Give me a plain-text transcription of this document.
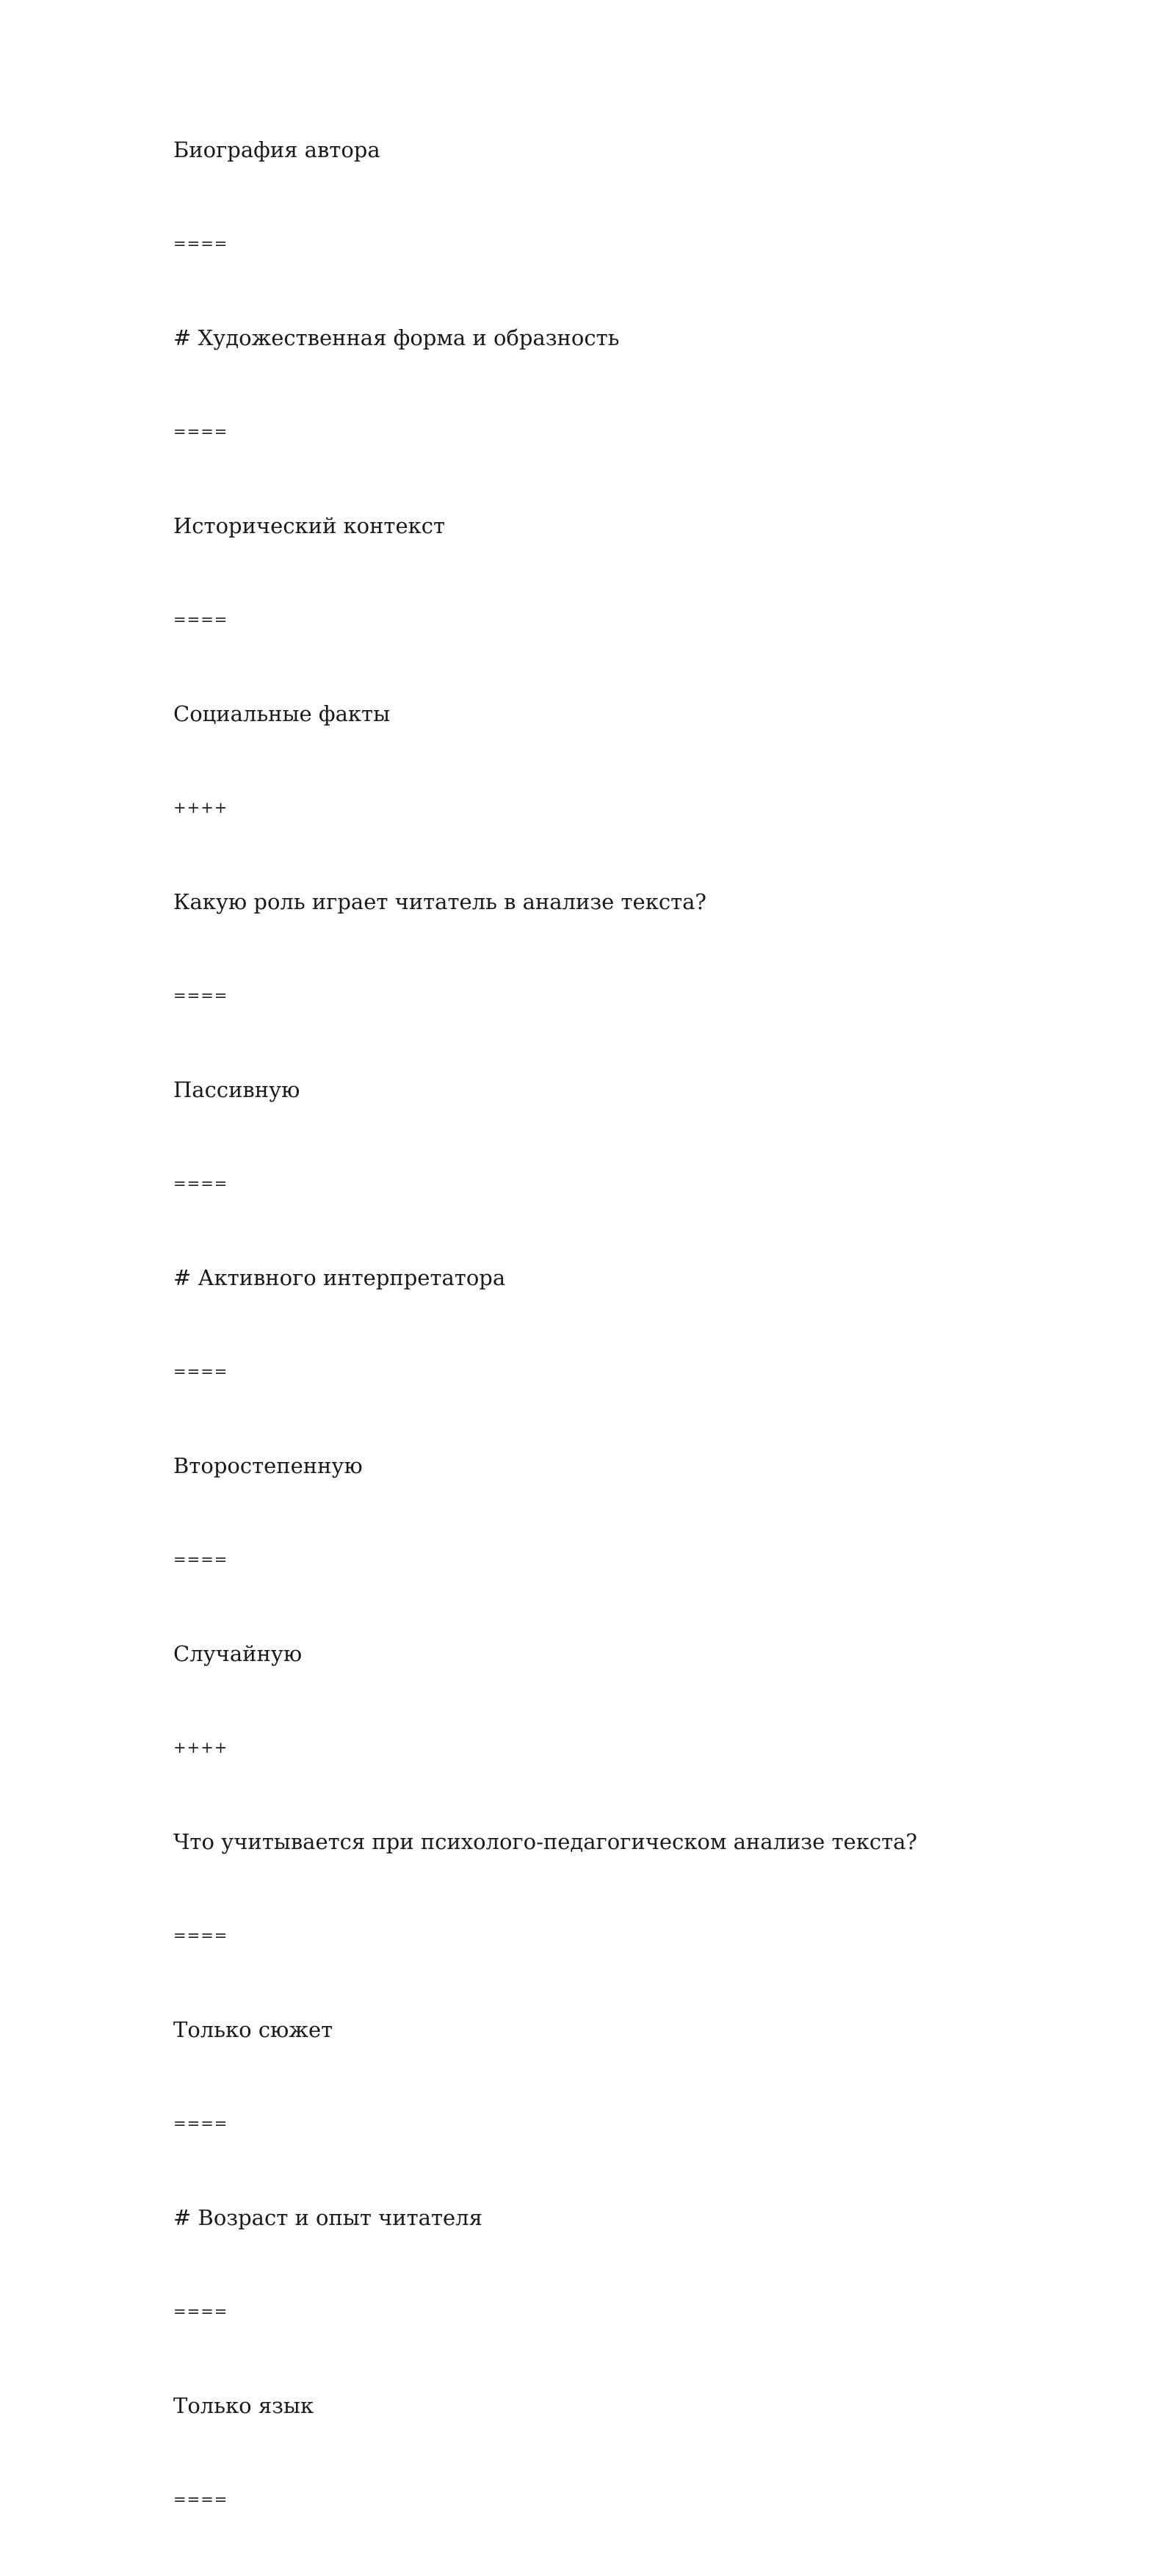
Биография автора
====
# Художественная форма и образность
====
Исторический контекст
====
Социальные факты
++++
Какую роль играет читатель в анализе текста?
====
Пассивную
====
# Активного интерпретатора
====
Второстепенную
====
Случайную
++++
Что учитывается при психолого-педагогическом анализе текста?
====
Только сюжет
====
# Возраст и опыт читателя
====
Только язык
====
